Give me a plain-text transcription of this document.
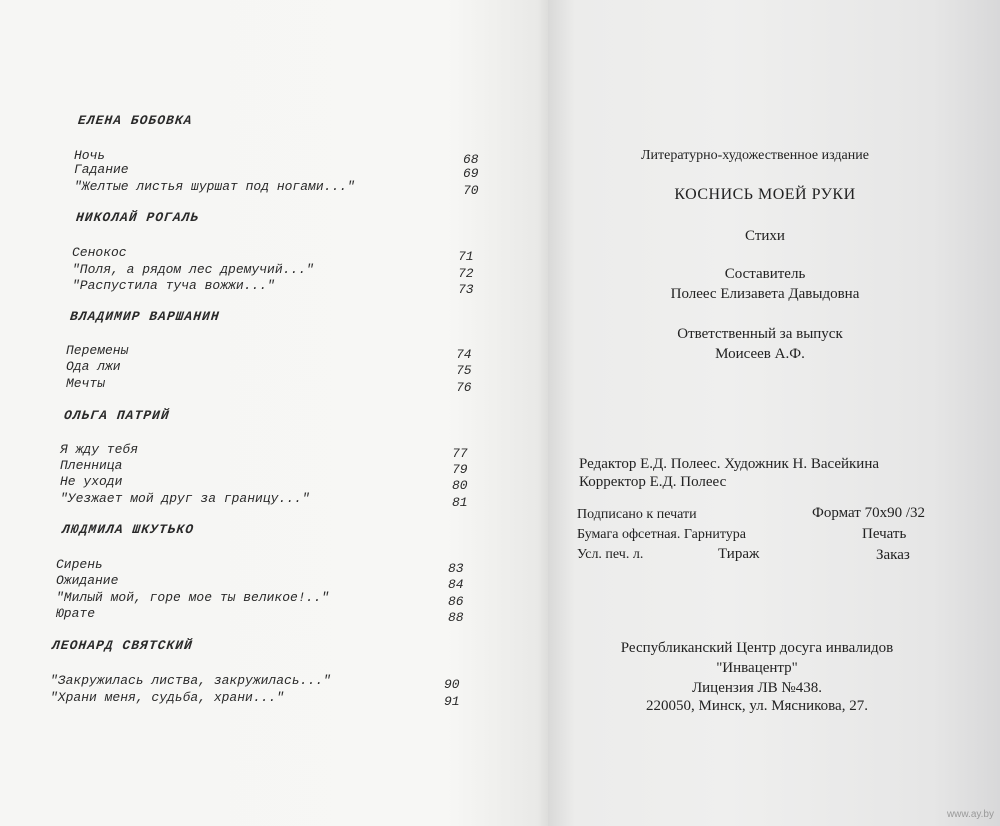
ЕЛЕНА БОБОВКА
Ночь	68
Гадание	69
"Желтые листья шуршат под ногами..."	70
НИКОЛАЙ РОГАЛЬ
Сенокос	71
"Поля, а рядом лес дремучий..."	72
"Распустила туча вожжи..."	73
ВЛАДИМИР ВАРШАНИН
Перемены	74
Ода лжи	75
Мечты	76
ОЛЬГА ПАТРИЙ
Я жду тебя	77
Пленница	79
Не уходи	80
"Уезжает мой друг за границу..."	81
ЛЮДМИЛА ШКУТЬКО
Сирень	83
Ожидание	84
"Милый мой, горе мое ты великое!.."	86
Юрате	88
ЛЕОНАРД СВЯТСКИЙ
"Закружилась листва, закружилась..."	90
"Храни меня, судьба, храни..."	91
Литературно-художественное издание
КОСНИСЬ МОЕЙ РУКИ
Стихи
Составитель
Полеес Елизавета Давыдовна
Ответственный за выпуск
Моисеев А.Ф.
Редактор Е.Д. Полеес. Художник Н. Васейкина
Корректор Е.Д. Полеес
Подписано к печати	Формат 70х90 /32
Бумага офсетная. Гарнитура	Печать
Усл. печ. л.	Тираж	Заказ
Республиканский Центр досуга инвалидов
"Инвацентр"
Лицензия ЛВ №438.
220050, Минск, ул. Мясникова, 27.
www.ay.by
